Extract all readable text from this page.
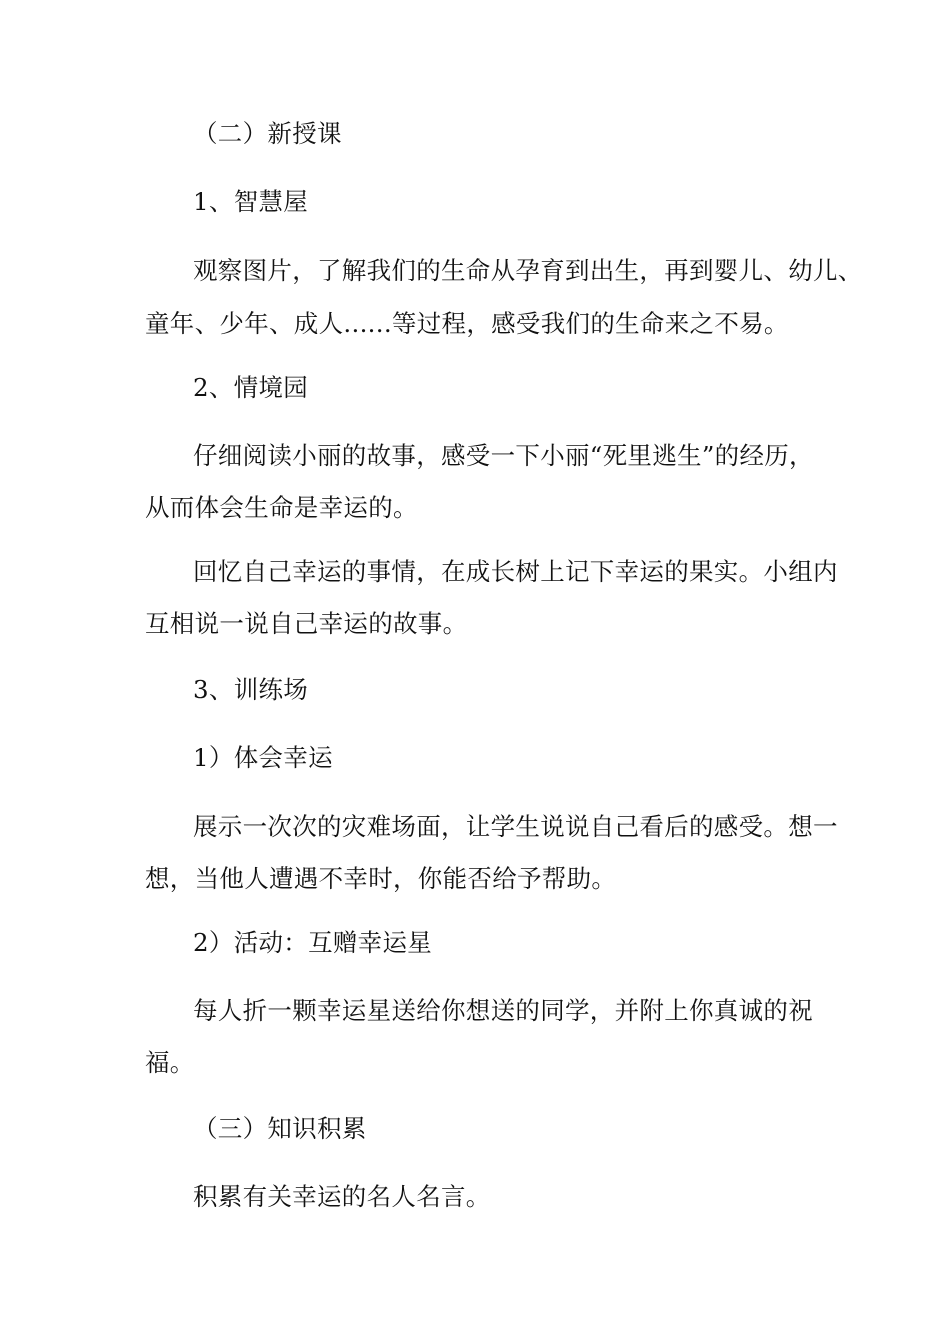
（二）新授课
1、智慧屋
观察图片，了解我们的生命从孕育到出生，再到婴儿、幼儿、
童年、少年、成人......等过程，感受我们的生命来之不易。
2、情境园
仔细阅读小丽的故事，感受一下小丽“死里逃生”的经历，
从而体会生命是幸运的。
回忆自己幸运的事情，在成长树上记下幸运的果实。小组内
互相说一说自己幸运的故事。
3、训练场
1）体会幸运
展示一次次的灾难场面，让学生说说自己看后的感受。想一
想，当他人遭遇不幸时，你能否给予帮助。
2）活动：互赠幸运星
每人折一颗幸运星送给你想送的同学，并附上你真诚的祝
福。
（三）知识积累
积累有关幸运的名人名言。
